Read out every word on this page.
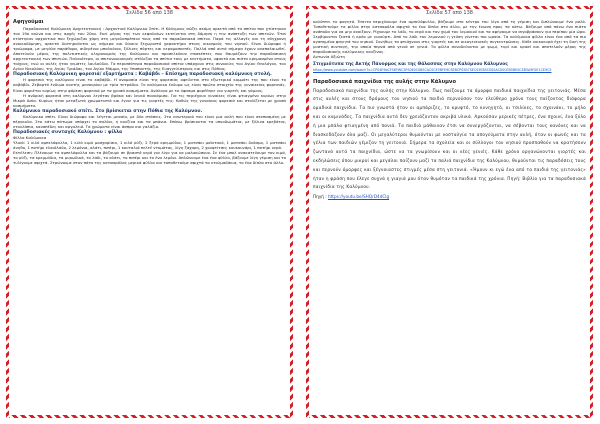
Σελίδα 56 από 138
Αφηγούμαι

Παραδοσιακή Καλύμνικη Αρχιτεκτονική : Αρχοντικό Καλύμνικο Σπίτι. Η Κάλυμνος σώζει ακόμη αρκετά από τα σπίτια που χτίστηκαν τον 19ο αιώνα και στις αρχές του 20ου. Εκεί μέρος της των κεφαλαίων εκτείνεται στη δόμηση η την ανάπτυξη των σπιτιών. Έτσι κτίστηκαν αρχοντικά που ξεχώριζαν χάρη στη μεγαλοπρέπεια τους από τα παραδοσιακά σπίτια. Παρά τις αλλαγές και τη σύγχρονη ανοικοδόμηση, αρκετά διατηρούνται ως σήμερα και δίνουν ξεχωριστό χαρακτήρα στους οικισμούς του νησιού. Είναι διώροφα ή τριώροφα, με μεγάλα παράθυρα, σιδερένια μπαλκόνια, ξύλινες πόρτες και κεραμοσκεπές. Πολλά από αυτά σήμερα έχουν αναπαλαιωθεί. Αποτελούν μέρος της πολιτιστικής κληρονομιάς της Καλύμνου και προσελκύουν επισκέπτες που θαυμάζουν την παραδοσιακή αρχιτεκτονική των σπιτιών. Παλαιότερα, οι σπιτονοικοκυρές στόλιζαν τα σπίτια τους με κεντήματα, υφαντά και πιάτα κρεμασμένα στους τοίχους, ενώ οι αυλές ήταν γεμάτες λουλούδια. Τα περισσότερα παραδοσιακά σπίτια υπάρχουν στις συνοικίες του Αγίου Θεολόγου, του Αγίου Νικολάου, της Αγίας Τριάδας, του Αγίου Μάμμα, της Υπαπαντής, της Ευαγγελίστριας και στις Πόθιας.

Παραδοσιακή Καλύμνικη φορεσιά/ εξαρτήματα : Καβάβδι – Επίσημη παραδοσιακή καλύμνικη στολή.

Η φορεσιά της καλύμνου είναι το καβάβδι. Η ονομασία είναι της φορεσιάς οφείλεται στο εξωτερικό κομμάτι της που είναι το καβάβδι. Ζεβαρτό ένδυμα κοντής μεσουρίου με τρία τετράδια. Το καλύμνικο ένδυμα ως είναι πρώτο στοιχείο της γυναικείας φορεσιάς. Είναι φοριέται κυρίως στην φόρεση φορεσιά με τα χρυσά κοσμήματα. Ανάλογα με το ύφασμα φορέθηκε για γιορτές και γάμους.

Η ανδρική φορεσιά στη καλύμνου λεγόταν βράκα και λευκό πουκάμισο. Για τις περιέχουν γυναίκες είναι φτιαγμένο κυρίως στην Μικρά Ασία. Κυρίως ήταν μεταξωτά χρωματιστά και έγινε για τις γιορτές της. Καθώς της γυναίκας φορεσιά και στολίζεται με χρυσά κοσμήματα.

Καλύμνικο παραδοσιακό σπίτι. Στο βρίσκεται στην Πόθια της Καλύμνου.

Καλύμνικο σπίτι. Είναι διώροφο και λέγεται μεσαίο, με δύο στάσεις. Στο εσωτερικό του είναι μια αυλή που είναι σκεπασμένη με πέργκολα. Στο κάτω πάτωμα υπάρχει το σαλόνι, η κουζίνα και τα μπάνια. Επάνω βρίσκονται τα υπνοδωμάτια, με ξύλινα κρεβάτια, ντουλάπια, καναπέδες και αργαλειό. Τα χρώματα είναι άσπρο και γαλάζιο.

Παραδοσιακές συνταγές Καλύμνου : φίλλα

Φίλλα Καλύμνικα

Υλικά: 1 κιλό αμπελόφυλλα, 1 κιλό κιμά μοσχαρίσιο, 1 κιλό ρύζι, 2 ξερά κρεμμύδια, 1 ματσάκι μαϊντανό, 1 ματσάκι δυόσμο, 1 ματσάκι άνηθο, 1 ποτήρι ελαιόλαδο, 2 λεμόνια, αλάτι, πιπέρι, 1 κουταλιά πελτέ ντομάτας, λίγη ζάχαρη, 2 χουφτίτσες κουκουνάρι, 1 ποτήρι νερό.

Εκτέλεση: Πλένουμε τα αμπελόφυλλα και τα βάζουμε σε βραστό νερό για λίγο για να μαλακώσουν. Σε ένα μπολ ανακατεύουμε τον κιμά, το ρύζι, τα κρεμμύδια, τα μυρωδικά, το λάδι, το αλάτι, το πιπέρι και το ένα λεμόνι. Απλώνουμε ένα ένα φύλλο, βάζουμε λίγη γέμιση και το τυλίγουμε σφιχτά. Στρώνουμε στον πάτο της κατσαρόλας μερικά φύλλα και τοποθετούμε σφιχτά τα ντολμαδάκια, το ένα δίπλα στο άλλο.

Σελίδα 57 από 138

καλύπτει το φαγητό. Έπειτα περιχύνουμε ένα αμπελόφυλλο, βάζουμε στο κέντρο του λίγο από τη γέμιση και διπλώνουμε ένα ρολό. Τοποθετούμε τα φίλλα στην κατσαρόλα σφιχτά το ένα δίπλα στο άλλο, με την ένωση προς τα κάτω. Βάζουμε από πάνω ένα πιάτο ανάποδα για να μην ανοίξουν. Ρίχνουμε το λάδι, το νερό και τον χυμό του λεμονιού και τα αφήνουμε να σιγοβράσουν για περίπου μία ώρα. Σερβίρονται ζεστά ή κρύα με γιαούρτι. Από το λάδι του λεμονιού η γεύση γίνεται πιο ωραία. Τα καλύμνικα φίλλα είναι ένα από τα πιο αγαπημένα φαγητά του νησιού. Συνήθως τα φτιάχνουν στις γιορτές και σε οικογενειακές συγκεντρώσεις. Κάθε νοικοκυρά έχει τη δική της μυστική συνταγή, την οποία περνά από γενιά σε γενιά. Τα φίλλα συνοδεύονται με ψωμί, τυρί και κρασί και αποτελούν μέρος της παραδοσιακής καλύμνικης κουζίνας.

Αντωνία Αξιώτη

Στιγμιότυπα της Ακτής Πάνορμος και της Θάλασσας στην Καλύμνου Κάλυμνος
https://www.youtube.com/watch?v=CPS4E9bCFS8YWC5FS0E0C0BSCACSCE5BFE9CSEBCPS5B7SECS5EB5CE0SAC0SCEB5BE0CEB5A9F0E1CE9C5
Παραδοσιακά παιχνίδια της αυλής στην Κάλυμνο

Παραδοσιακά παιχνίδια της αυλής στην Κάλυμνο. Πως παίζουμε τα όμορφα παιδικά παιχνίδια της γειτονιάς. Μέσα στις αυλές και στους δρόμους του νησιού τα παιδιά περνούσαν τον ελεύθερο χρόνο τους παίζοντας διάφορα ομαδικά παιχνίδια. Τα πιο γνωστά ήταν οι αμπάριζες, το κρυφτό, το κυνηγητό, οι τσιλίκες, το σχοινάκι, το μήλο και οι καμινάδες. Τα παιχνίδια αυτά δεν χρειάζονταν ακριβά υλικά. Αρκούσαν μερικές πέτρες, ένα σχοινί, ένα ξύλο ή μια μπάλα φτιαγμένη από πανιά. Τα παιδιά μάθαιναν έτσι να συνεργάζονται, να σέβονται τους κανόνες και να διασκεδάζουν όλα μαζί. Οι μεγαλύτεροι θυμούνται με νοσταλγία τα απογεύματα στην αυλή, όταν οι φωνές και τα γέλια των παιδιών γέμιζαν τη γειτονιά. Σήμερα τα σχολεία και οι σύλλογοι του νησιού προσπαθούν να κρατήσουν ζωντανά αυτά τα παιχνίδια, ώστε να τα γνωρίσουν και οι νέες γενιές. Κάθε χρόνο οργανώνονται γιορτές και εκδηλώσεις όπου μικροί και μεγάλοι παίζουν μαζί τα παλιά παιχνίδια της Καλύμνου, θυμούνται τις παραδόσεις τους και περνούν όμορφες και ξέγνοιαστες στιγμές μέσα στη γειτονιά. «Ήμουν κι εγώ ένα από τα παιδιά της γειτονιάς» ήταν η φράση που έλεγε συχνά η γιαγιά μου όταν θυμόταν τα παιδικά της χρόνια. Πηγή: Βιβλίο για τα παραδοσιακά παιχνίδια της Καλύμνου.

Πηγή : https://youtu.be/SHQrD4dClg
